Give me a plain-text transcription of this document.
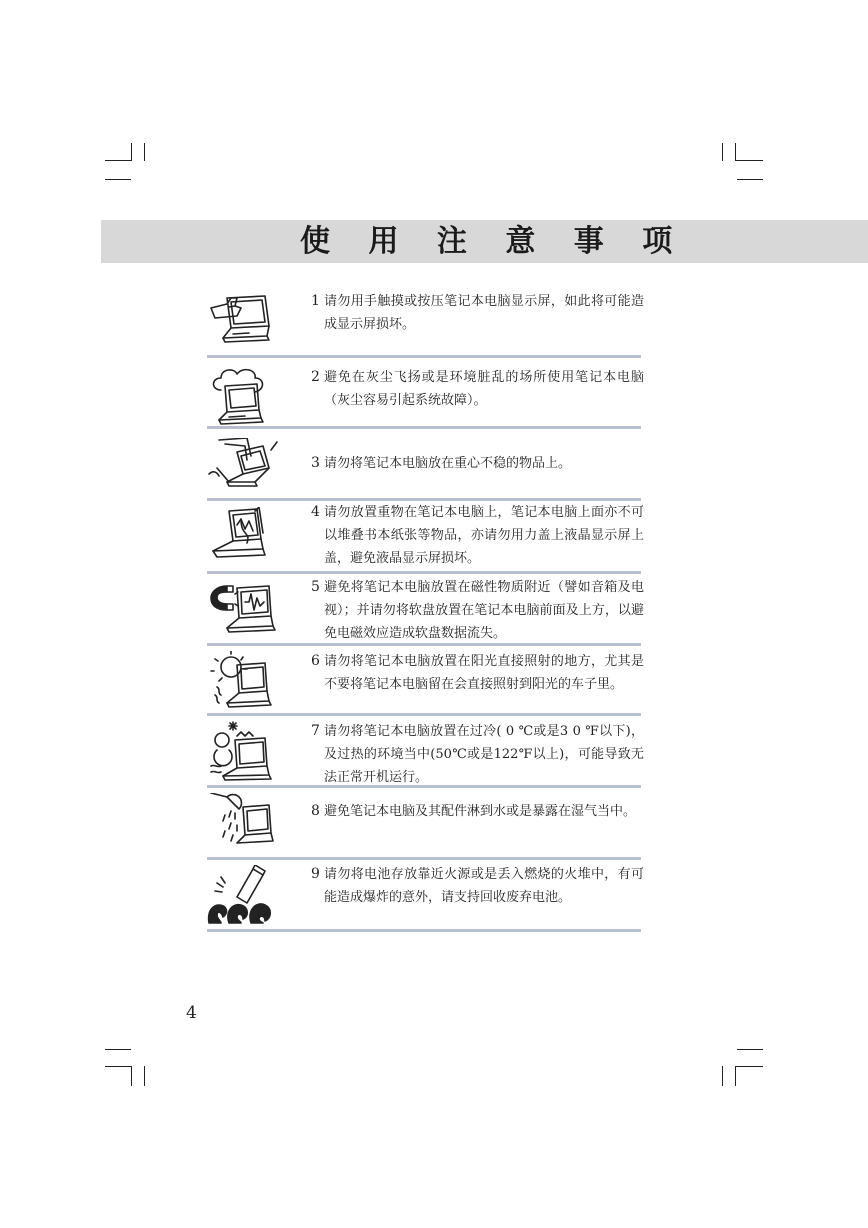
使 用 注 意 事 项
1 请勿用手触摸或按压笔记本电脑显示屏，如此将可能造成显示屏损坏。
2 避免在灰尘飞扬或是环境脏乱的场所使用笔记本电脑（灰尘容易引起系统故障）。
3 请勿将笔记本电脑放在重心不稳的物品上。
4 请勿放置重物在笔记本电脑上，笔记本电脑上面亦不可以堆叠书本纸张等物品，亦请勿用力盖上液晶显示屏上盖，避免液晶显示屏损坏。
5 避免将笔记本电脑放置在磁性物质附近（譬如音箱及电视）；并请勿将软盘放置在笔记本电脑前面及上方，以避免电磁效应造成软盘数据流失。
6 请勿将笔记本电脑放置在阳光直接照射的地方，尤其是不要将笔记本电脑留在会直接照射到阳光的车子里。
7 请勿将笔记本电脑放置在过冷( 0 ℃或是3 0 ℉以下)，及过热的环境当中(50℃或是122℉以上)，可能导致无法正常开机运行。
8 避免笔记本电脑及其配件淋到水或是暴露在湿气当中。
9 请勿将电池存放靠近火源或是丢入燃烧的火堆中，有可能造成爆炸的意外，请支持回收废弃电池。
4
